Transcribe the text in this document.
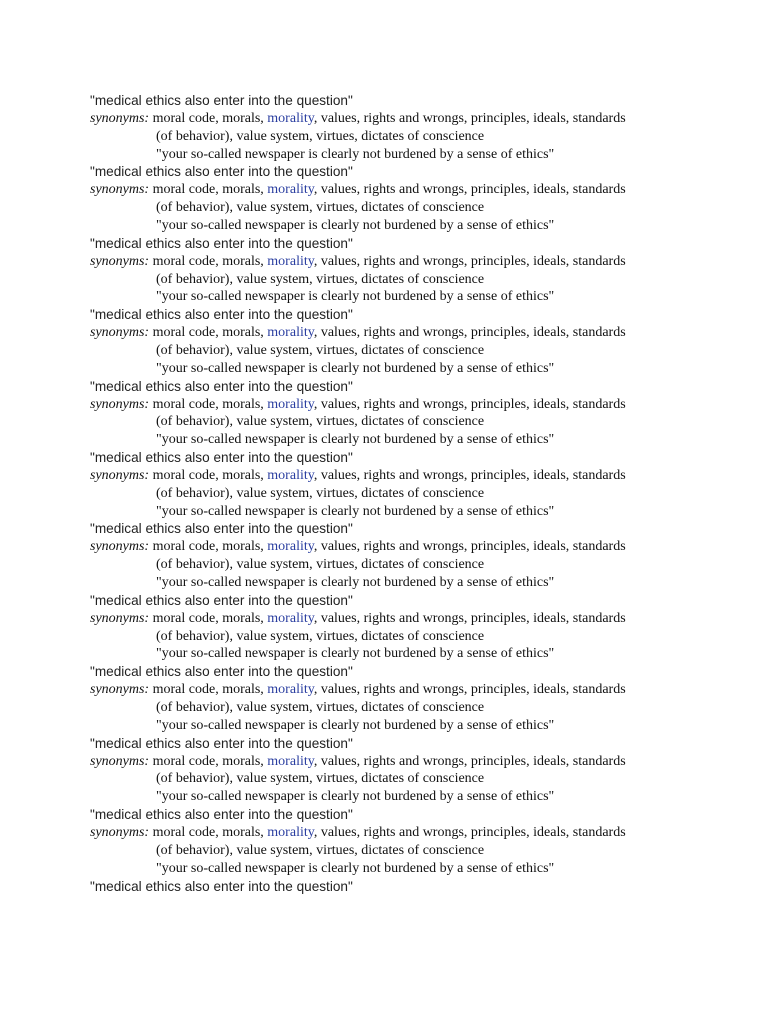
"medical ethics also enter into the question"
synonyms: moral code, morals, morality, values, rights and wrongs, principles, ideals, standards
(of behavior), value system, virtues, dictates of conscience
"your so-called newspaper is clearly not burdened by a sense of ethics"
"medical ethics also enter into the question"
synonyms: moral code, morals, morality, values, rights and wrongs, principles, ideals, standards
(of behavior), value system, virtues, dictates of conscience
"your so-called newspaper is clearly not burdened by a sense of ethics"
"medical ethics also enter into the question"
synonyms: moral code, morals, morality, values, rights and wrongs, principles, ideals, standards
(of behavior), value system, virtues, dictates of conscience
"your so-called newspaper is clearly not burdened by a sense of ethics"
"medical ethics also enter into the question"
synonyms: moral code, morals, morality, values, rights and wrongs, principles, ideals, standards
(of behavior), value system, virtues, dictates of conscience
"your so-called newspaper is clearly not burdened by a sense of ethics"
"medical ethics also enter into the question"
synonyms: moral code, morals, morality, values, rights and wrongs, principles, ideals, standards
(of behavior), value system, virtues, dictates of conscience
"your so-called newspaper is clearly not burdened by a sense of ethics"
"medical ethics also enter into the question"
synonyms: moral code, morals, morality, values, rights and wrongs, principles, ideals, standards
(of behavior), value system, virtues, dictates of conscience
"your so-called newspaper is clearly not burdened by a sense of ethics"
"medical ethics also enter into the question"
synonyms: moral code, morals, morality, values, rights and wrongs, principles, ideals, standards
(of behavior), value system, virtues, dictates of conscience
"your so-called newspaper is clearly not burdened by a sense of ethics"
"medical ethics also enter into the question"
synonyms: moral code, morals, morality, values, rights and wrongs, principles, ideals, standards
(of behavior), value system, virtues, dictates of conscience
"your so-called newspaper is clearly not burdened by a sense of ethics"
"medical ethics also enter into the question"
synonyms: moral code, morals, morality, values, rights and wrongs, principles, ideals, standards
(of behavior), value system, virtues, dictates of conscience
"your so-called newspaper is clearly not burdened by a sense of ethics"
"medical ethics also enter into the question"
synonyms: moral code, morals, morality, values, rights and wrongs, principles, ideals, standards
(of behavior), value system, virtues, dictates of conscience
"your so-called newspaper is clearly not burdened by a sense of ethics"
"medical ethics also enter into the question"
synonyms: moral code, morals, morality, values, rights and wrongs, principles, ideals, standards
(of behavior), value system, virtues, dictates of conscience
"your so-called newspaper is clearly not burdened by a sense of ethics"
"medical ethics also enter into the question"
